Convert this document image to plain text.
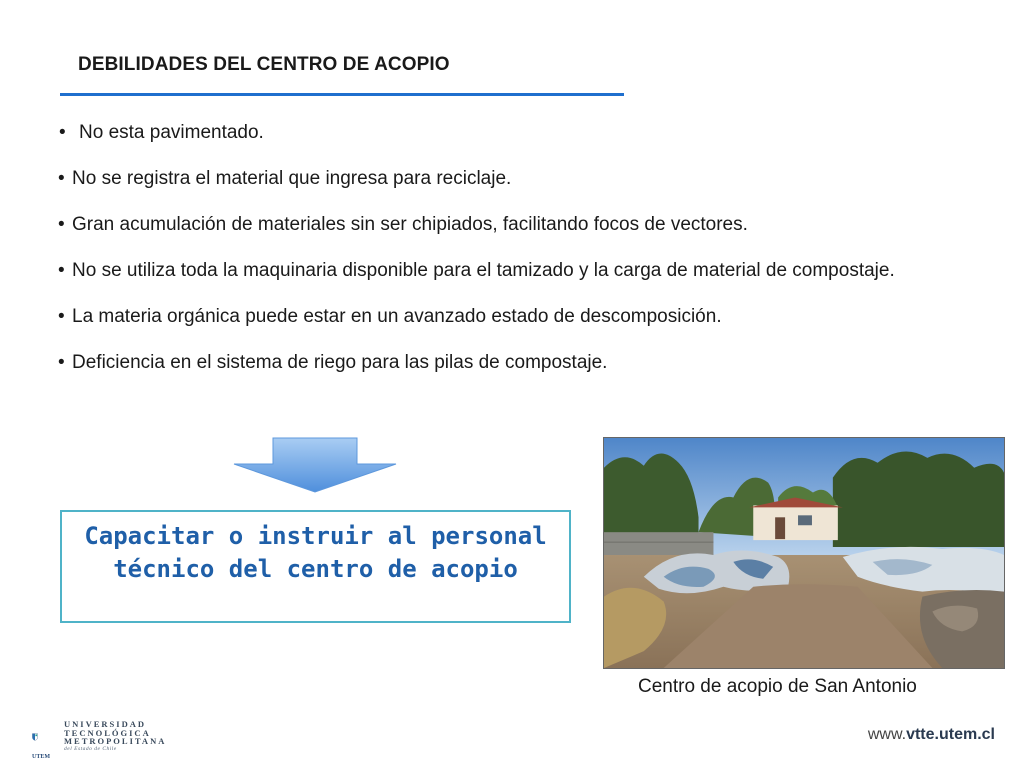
DEBILIDADES DEL CENTRO DE ACOPIO
• No esta pavimentado.
• No se registra el material que ingresa para reciclaje.
• Gran acumulación de materiales sin ser chipiados, facilitando focos de vectores.
• No se utiliza toda la maquinaria disponible para el tamizado y la carga de material de compostaje.
• La materia orgánica puede estar en un avanzado estado de descomposición.
• Deficiencia en el sistema de riego para las pilas de compostaje.
Capacitar o instruir al personal
técnico del centro de acopio
Centro de acopio de San Antonio
UNIVERSIDAD
TECNOLÓGICA
METROPOLITANA
del Estado de Chile
UTEM
www.vtte.utem.cl
